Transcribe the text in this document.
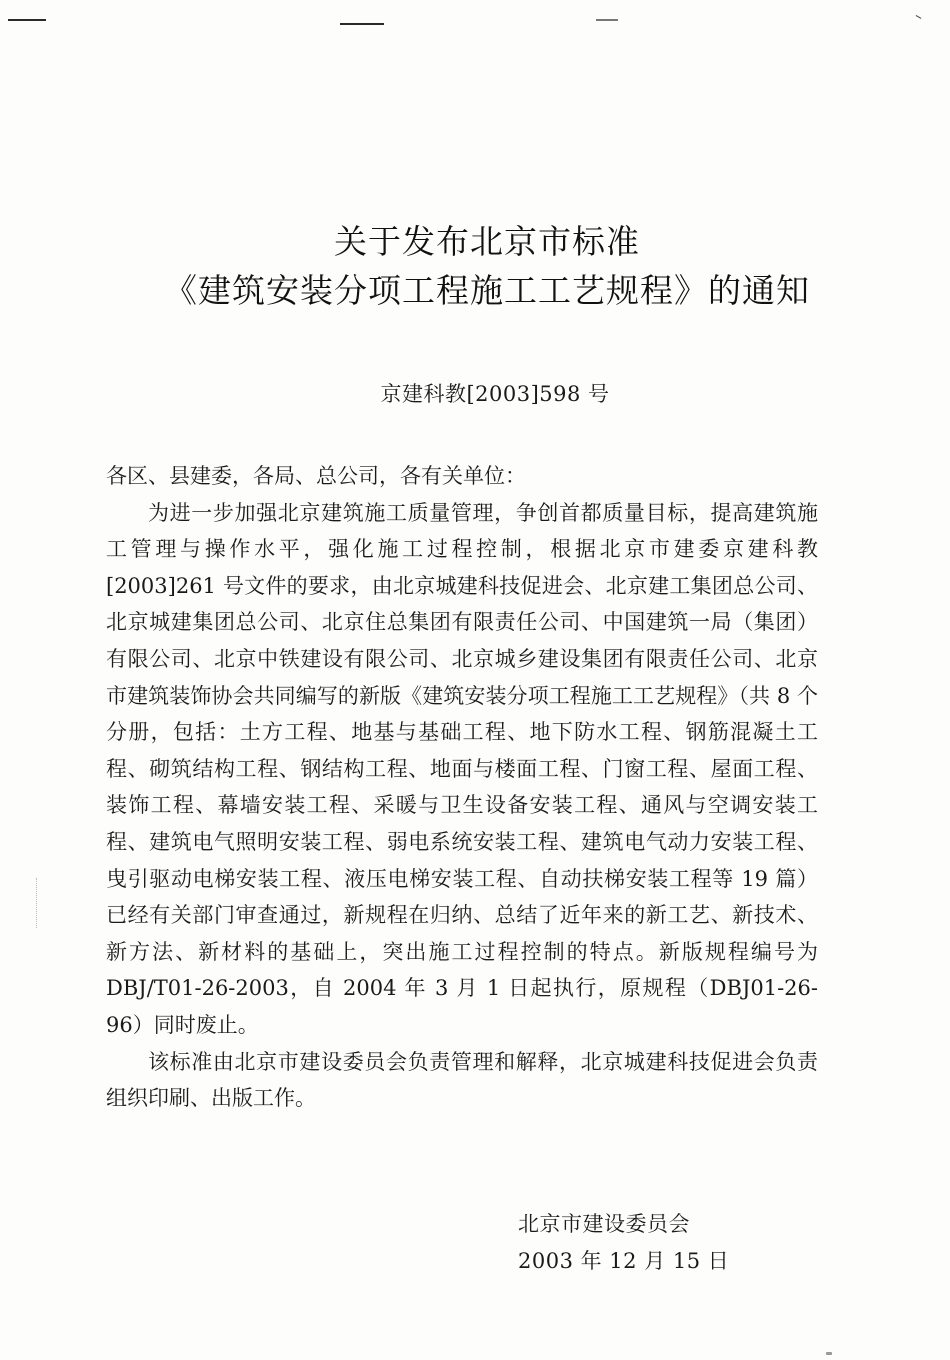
关于发布北京市标准
《建筑安装分项工程施工工艺规程》的通知
京建科教[2003]598 号

各区、县建委，各局、总公司，各有关单位：

为进一步加强北京建筑施工质量管理，争创首都质量目标，提高建筑施工管理与操作水平，强化施工过程控制，根据北京市建委京建科教[2003]261 号文件的要求，由北京城建科技促进会、北京建工集团总公司、北京城建集团总公司、北京住总集团有限责任公司、中国建筑一局（集团）有限公司、北京中铁建设有限公司、北京城乡建设集团有限责任公司、北京市建筑装饰协会共同编写的新版《建筑安装分项工程施工工艺规程》（共 8 个分册，包括：土方工程、地基与基础工程、地下防水工程、钢筋混凝土工程、砌筑结构工程、钢结构工程、地面与楼面工程、门窗工程、屋面工程、装饰工程、幕墙安装工程、采暖与卫生设备安装工程、通风与空调安装工程、建筑电气照明安装工程、弱电系统安装工程、建筑电气动力安装工程、曳引驱动电梯安装工程、液压电梯安装工程、自动扶梯安装工程等 19 篇）已经有关部门审查通过，新规程在归纳、总结了近年来的新工艺、新技术、新方法、新材料的基础上，突出施工过程控制的特点。新版规程编号为 DBJ/T01-26-2003，自 2004 年 3 月 1 日起执行，原规程（DBJ01-26-96）同时废止。

该标准由北京市建设委员会负责管理和解释，北京城建科技促进会负责组织印刷、出版工作。

北京市建设委员会
2003 年 12 月 15 日
